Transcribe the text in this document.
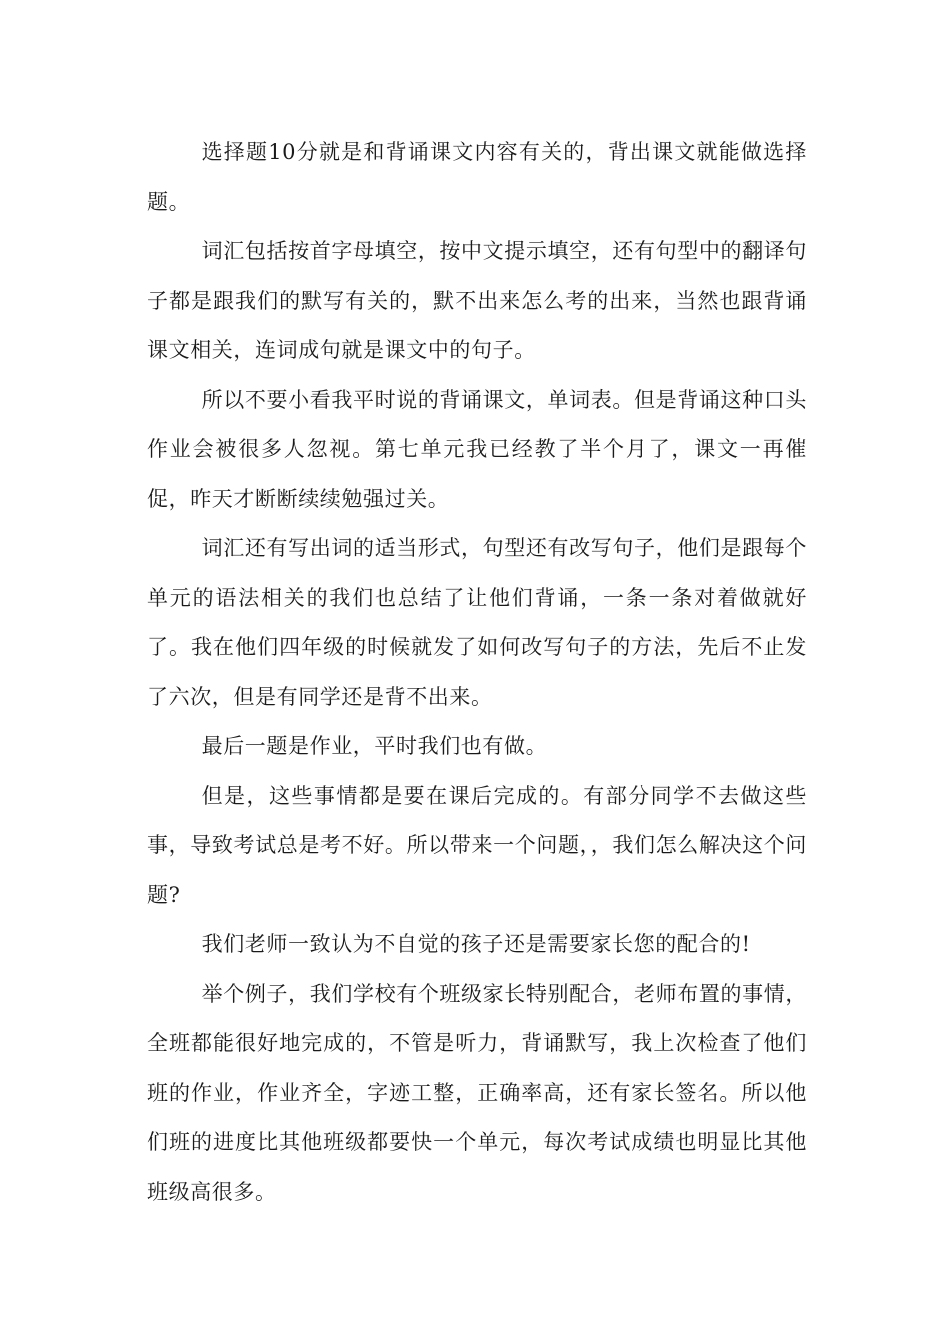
选择题10分就是和背诵课文内容有关的，背出课文就能做选择题。

词汇包括按首字母填空，按中文提示填空，还有句型中的翻译句子都是跟我们的默写有关的，默不出来怎么考的出来，当然也跟背诵课文相关，连词成句就是课文中的句子。

所以不要小看我平时说的背诵课文，单词表。但是背诵这种口头作业会被很多人忽视。第七单元我已经教了半个月了，课文一再催促，昨天才断断续续勉强过关。

词汇还有写出词的适当形式，句型还有改写句子，他们是跟每个单元的语法相关的我们也总结了让他们背诵，一条一条对着做就好了。我在他们四年级的时候就发了如何改写句子的方法，先后不止发了六次，但是有同学还是背不出来。

最后一题是作业，平时我们也有做。

但是，这些事情都是要在课后完成的。有部分同学不去做这些事，导致考试总是考不好。所以带来一个问题，，我们怎么解决这个问题?

我们老师一致认为不自觉的孩子还是需要家长您的配合的!

举个例子，我们学校有个班级家长特别配合，老师布置的事情，全班都能很好地完成的，不管是听力，背诵默写，我上次检查了他们班的作业，作业齐全，字迹工整，正确率高，还有家长签名。所以他们班的进度比其他班级都要快一个单元，每次考试成绩也明显比其他班级高很多。
